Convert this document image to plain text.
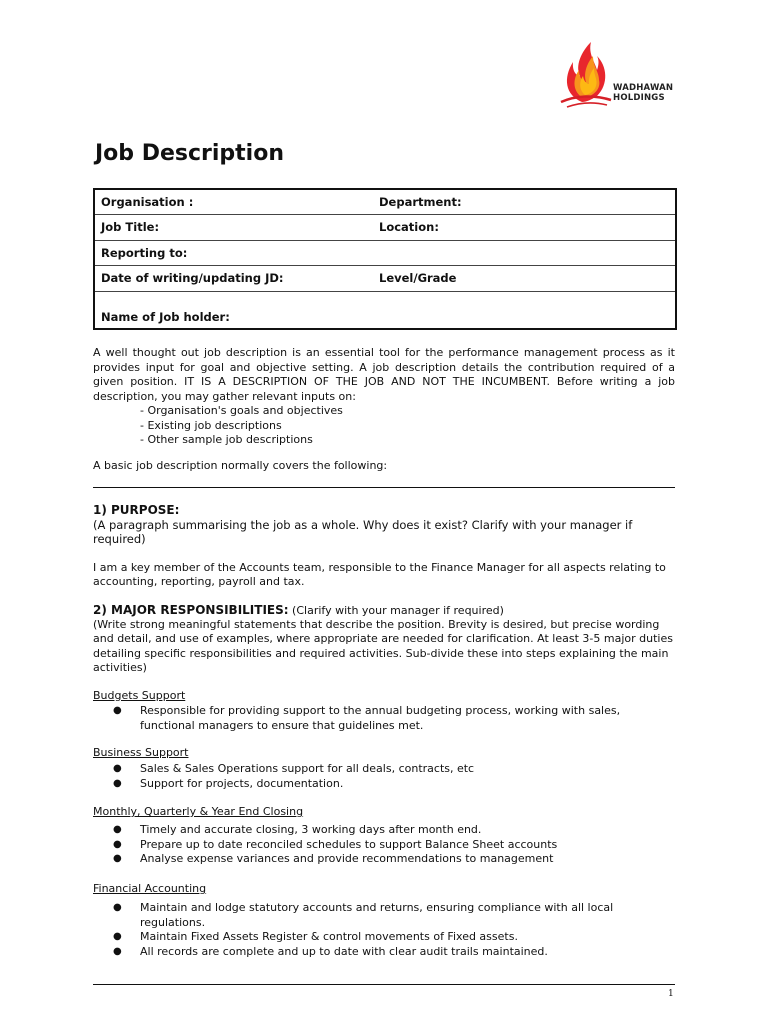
WADHAWAN
HOLDINGS
Job Description
Organisation :	Department:
Job Title:	Location:
Reporting to:	
Date of writing/updating JD:	Level/Grade
Name of Job holder:	

A well thought out job description is an essential tool for the performance management process as it provides input for goal and objective setting. A job description details the contribution required of a given position. IT IS A DESCRIPTION OF THE JOB AND NOT THE INCUMBENT. Before writing a job description, you may gather relevant inputs on:

- Organisation's goals and objectives
- Existing job descriptions
- Other sample job descriptions
A basic job description normally covers the following:
1) PURPOSE:

(A paragraph summarising the job as a whole. Why does it exist? Clarify with your manager if required)

I am a key member of the Accounts team, responsible to the Finance Manager for all aspects relating to accounting, reporting, payroll and tax.

2) MAJOR RESPONSIBILITIES: (Clarify with your manager if required)

(Write strong meaningful statements that describe the position. Brevity is desired, but precise wording and detail, and use of examples, where appropriate are needed for clarification. At least 3-5 major duties detailing specific responsibilities and required activities. Sub-divide these into steps explaining the main activities)

Budgets Support
● Responsible for providing support to the annual budgeting process, working with sales, functional managers to ensure that guidelines met.
Business Support
● Sales & Sales Operations support for all deals, contracts, etc
● Support for projects, documentation.
Monthly, Quarterly & Year End Closing
● Timely and accurate closing, 3 working days after month end.
● Prepare up to date reconciled schedules to support Balance Sheet accounts
● Analyse expense variances and provide recommendations to management
Financial Accounting
● Maintain and lodge statutory accounts and returns, ensuring compliance with all local regulations.
● Maintain Fixed Assets Register & control movements of Fixed assets.
● All records are complete and up to date with clear audit trails maintained.
1
